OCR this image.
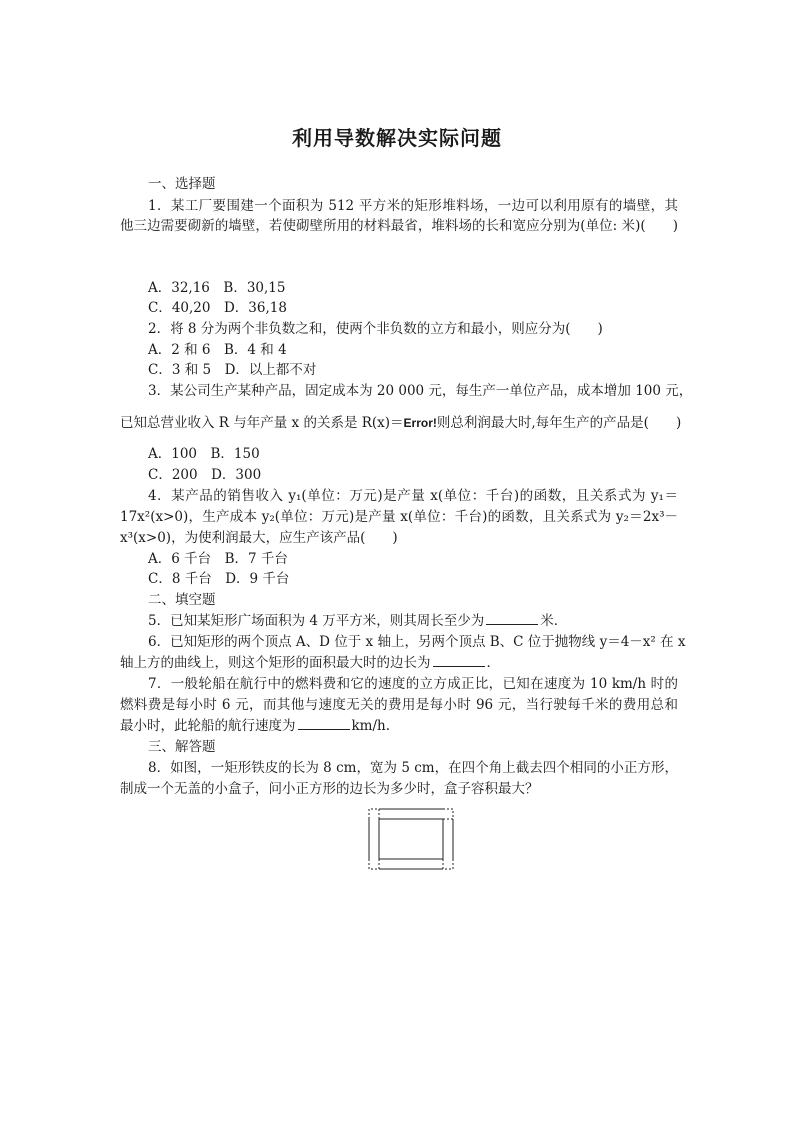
利用导数解决实际问题
一、选择题
1．某工厂要围建一个面积为 512 平方米的矩形堆料场，一边可以利用原有的墙壁，其
他三边需要砌新的墙壁，若使砌壁所用的材料最省，堆料场的长和宽应分别为(单位: 米)(　　)
A．32,16　B．30,15
C．40,20　D．36,18
2．将 8 分为两个非负数之和，使两个非负数的立方和最小，则应分为(　　)
A．2 和 6　B．4 和 4
C．3 和 5　D．以上都不对
3．某公司生产某种产品，固定成本为 20 000 元，每生产一单位产品，成本增加 100 元，
已知总营业收入 R 与年产量 x 的关系是 R(x)＝Error!则总利润最大时,每年生产的产品是(　　)
A．100　B．150
C．200　D．300
4．某产品的销售收入 y₁(单位：万元)是产量 x(单位：千台)的函数，且关系式为 y₁＝
17x²(x>0)，生产成本 y₂(单位：万元)是产量 x(单位：千台)的函数，且关系式为 y₂＝2x³－
x³(x>0)，为使利润最大，应生产该产品(　　)
A．6 千台　B．7 千台
C．8 千台　D．9 千台
二、填空题
5．已知某矩形广场面积为 4 万平方米，则其周长至少为	米．
6．已知矩形的两个顶点 A、D 位于 x 轴上，另两个顶点 B、C 位于抛物线 y＝4－x² 在 x
轴上方的曲线上，则这个矩形的面积最大时的边长为	．
7．一般轮船在航行中的燃料费和它的速度的立方成正比，已知在速度为 10 km/h 时的
燃料费是每小时 6 元，而其他与速度无关的费用是每小时 96 元，当行驶每千米的费用总和
最小时，此轮船的航行速度为	km/h.
三、解答题
8．如图，一矩形铁皮的长为 8 cm，宽为 5 cm，在四个角上截去四个相同的小正方形，
制成一个无盖的小盒子，问小正方形的边长为多少时，盒子容积最大？
